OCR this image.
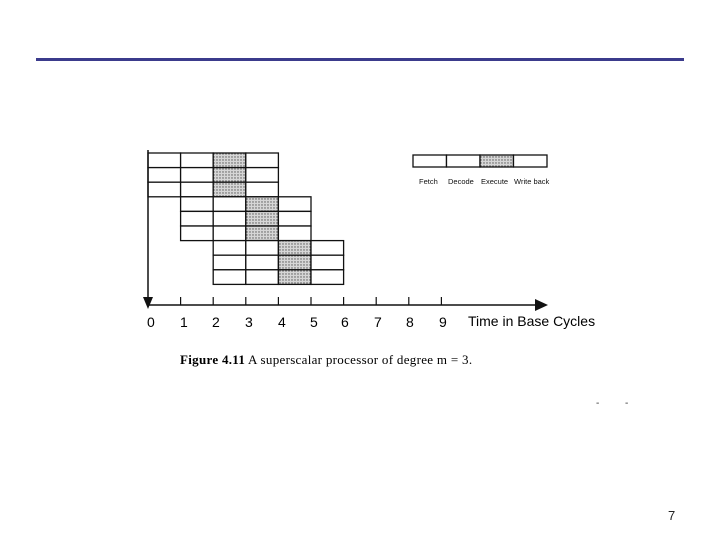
0 1 2 3 4 5 6 7 8 9 Time in Base Cycles
Fetch Decode Execute Write back
Figure 4.11 A superscalar processor of degree m = 3.
-	-
7
